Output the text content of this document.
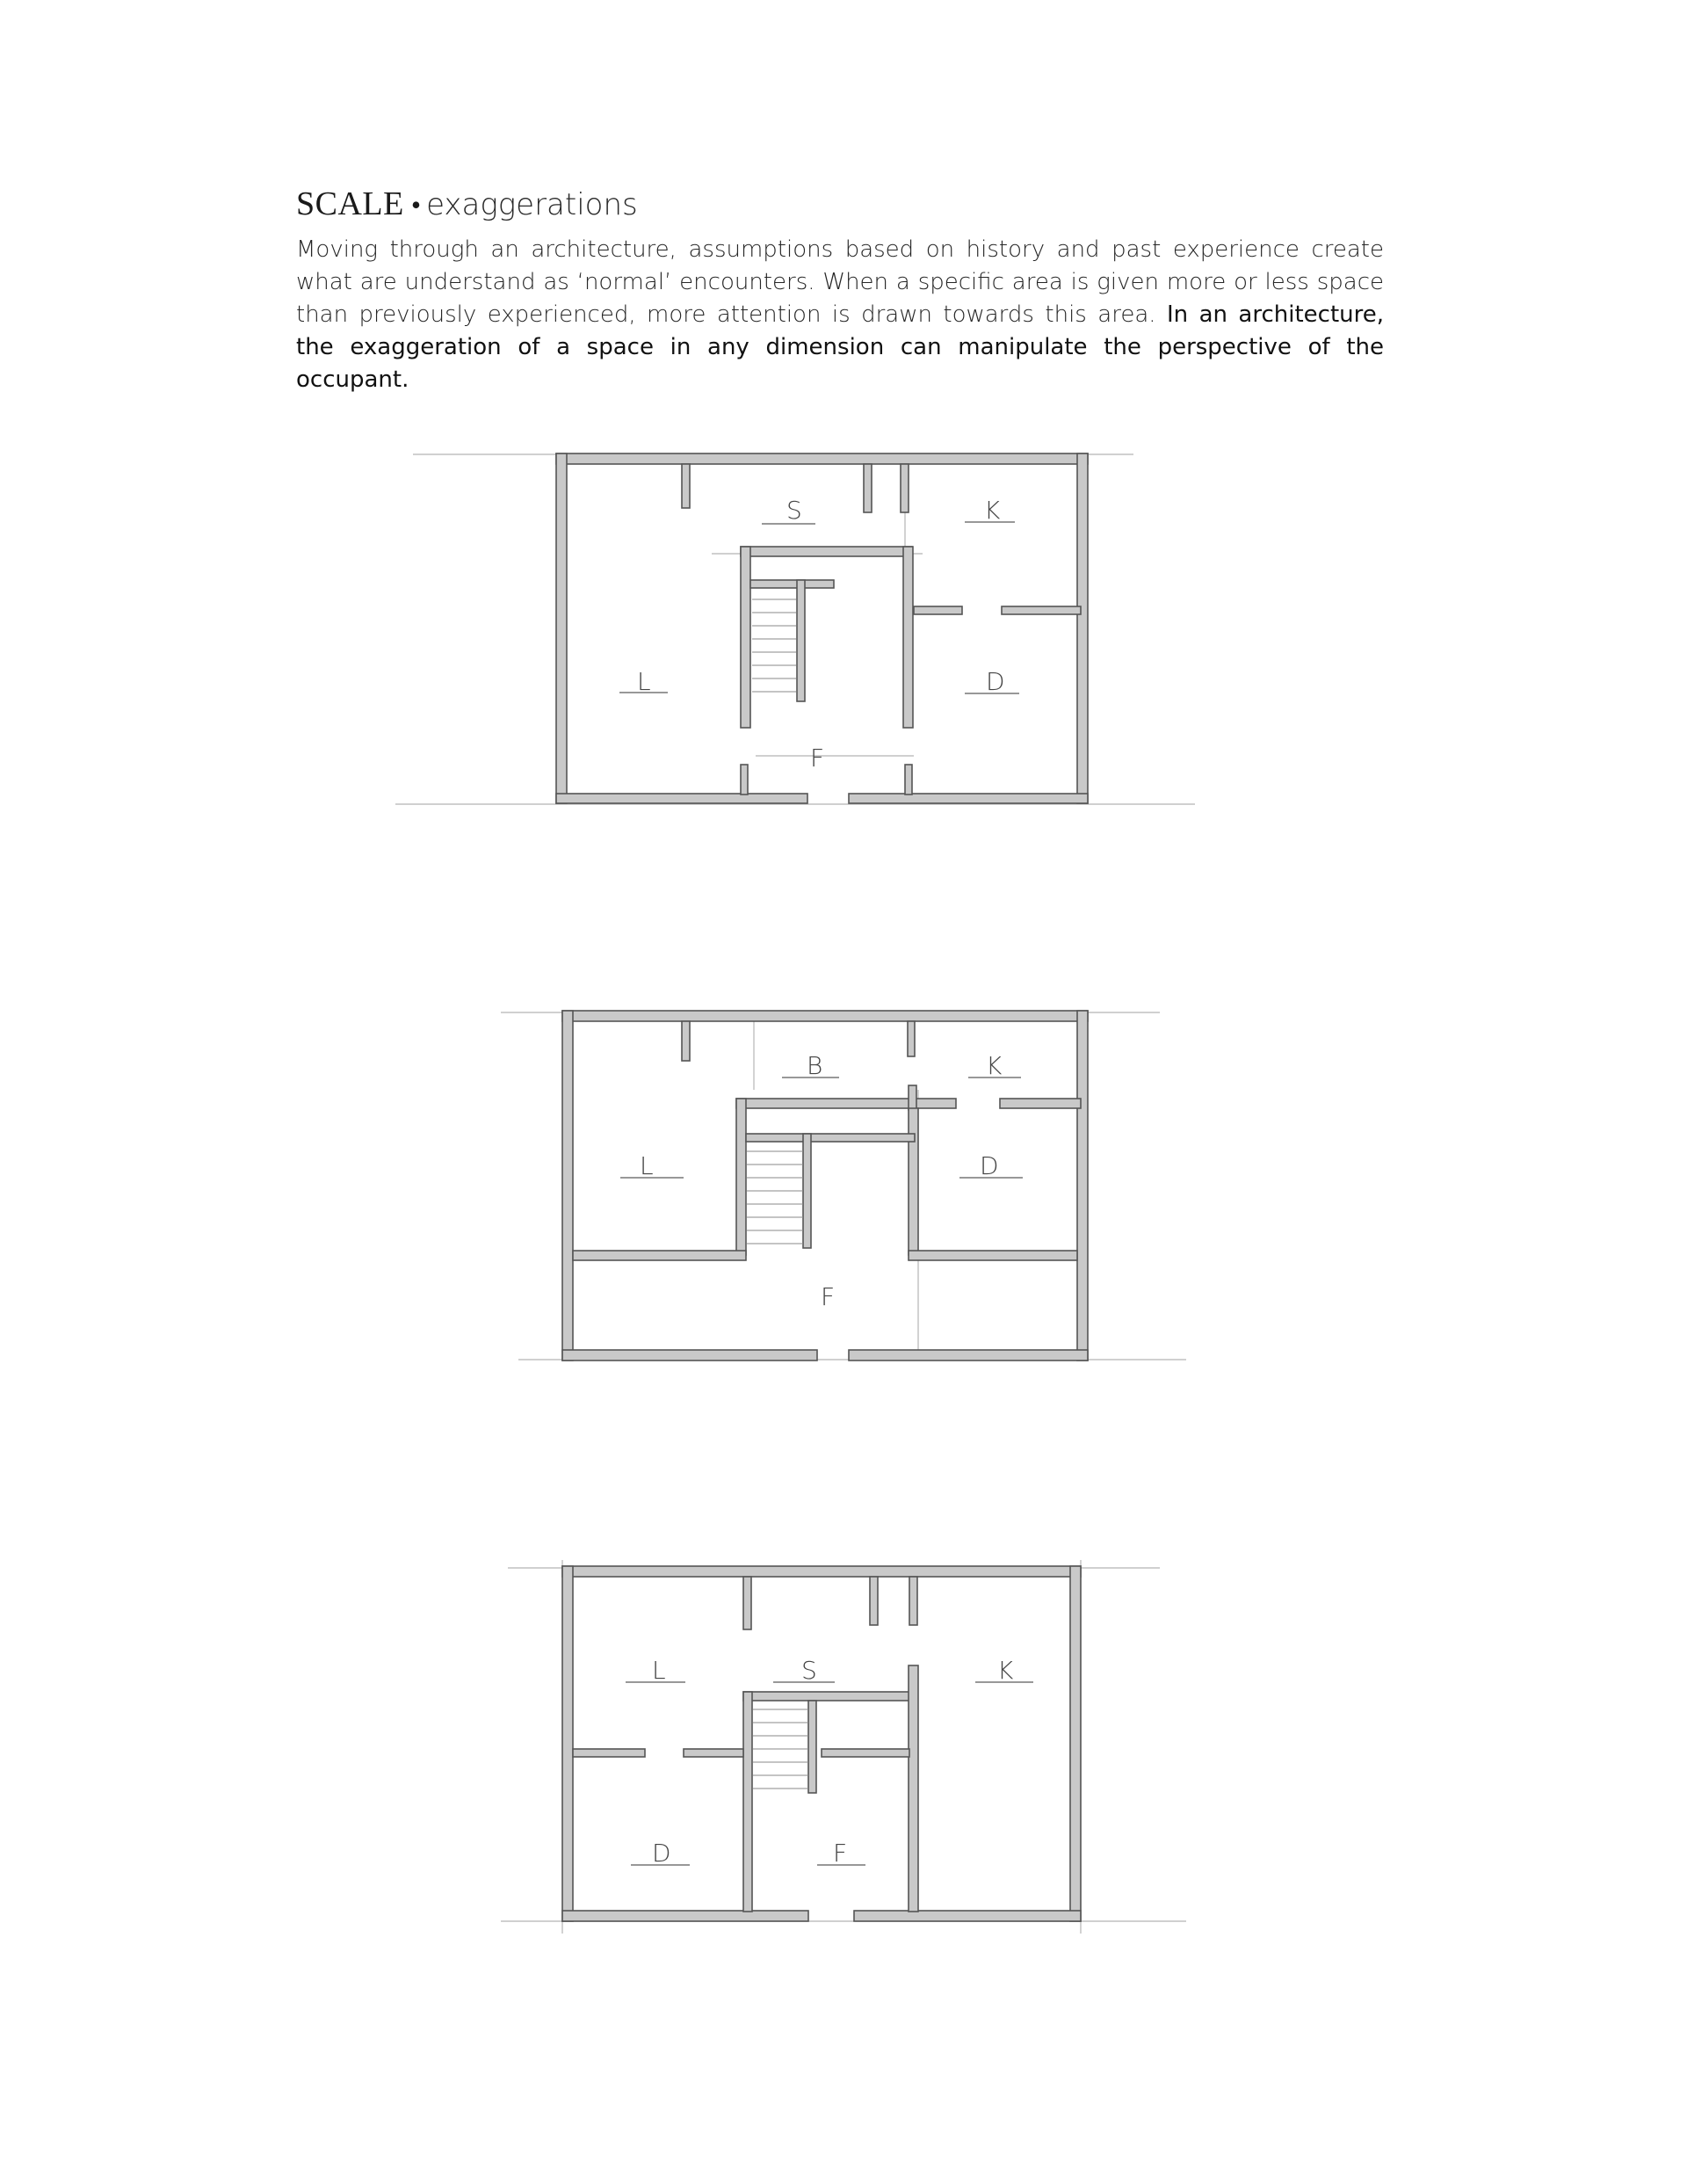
SCALE • exaggerations
Moving through an architecture, assumptions based on history and past experience create what are understand as ‘normal’ encounters. When a specific area is given more or less space than previously experienced, more attention is drawn towards this area. In an architecture, the exaggeration of a space in any dimension can manipulate the perspective of the occupant.
S	K
L	D
F
B	K
L	D
F
L	S	K
D	F
